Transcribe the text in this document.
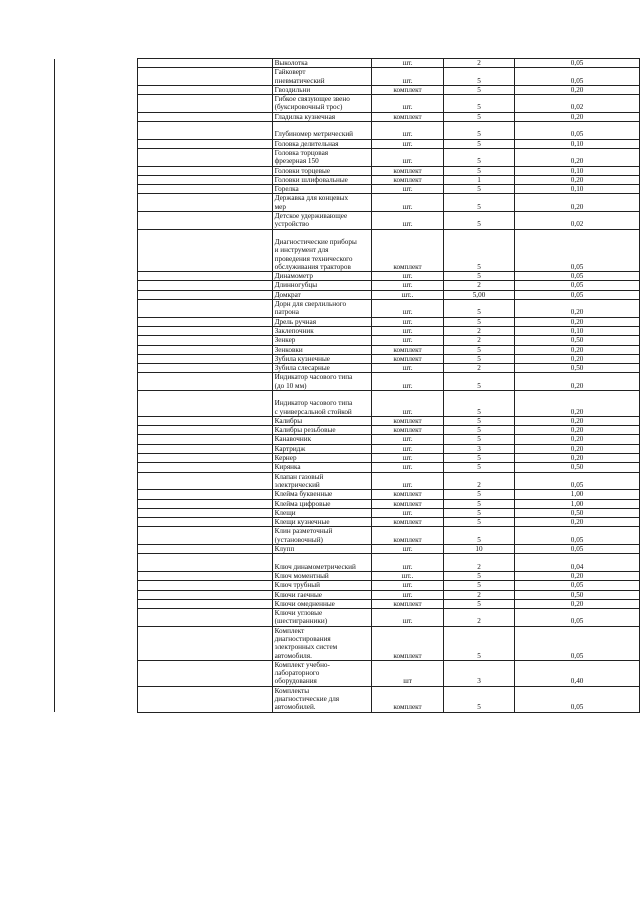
		Выколотка	шт.	2	0,05
		Гайковерт
пневматический	шт.	5	0,05
		Гвоздильни	комплект	5	0,20
		Гибкое связующее звено
(буксировочный трос)	шт.	5	0,02
		Гладилка кузнечная	комплект	5	0,20

Глубиномер метрический	шт.	5	0,05
		Головка делительная	шт.	5	0,10
		Головка торцовая
фрезерная 150	шт.	5	0,20
		Головки торцевые	комплект	5	0,10
		Головки шлифовальные	комплект	1	0,20
		Горелка	шт.	5	0,10
		Державка для концевых
мер	шт.	5	0,20
		Детское удерживающее
устройство	шт.	5	0,02

Диагностические приборы
и инструмент для
проведения технического
обслуживания тракторов	комплект	5	0,05
		Динамометр	шт.	5	0,05
		Длинногубцы	шт.	2	0,05
		Домкрат	шт..	5,00	0,05
		Дорн для сверлильного
патрона	шт.	5	0,20
		Дрель ручная	шт.	5	0,20
		Заклепочник	шт.	2	0,10
		Зенкер	шт.	2	0,50
		Зенковки	комплект	5	0,20
		Зубила кузнечные	комплект	5	0,20
		Зубила слесарные	шт.	2	0,50
		Индикатор часового типа
(до 10 мм)	шт.	5	0,20

Индикатор часового типа
с универсальной стойкой	шт.	5	0,20
		Калибры	комплект	5	0,20
		Калибры резьбовые	комплект	5	0,20
		Канавочник	шт.	5	0,20
		Картридж	шт.	3	0,20
		Кернер	шт.	5	0,20
		Кирянка	шт.	5	0,50
		Клапан газовый
электрический	шт.	2	0,05
		Клейма буквенные	комплект	5	1,00
		Клейма цифровые	комплект	5	1,00
		Клещи	шт.	5	0,50
		Клещи кузнечные	комплект	5	0,20
		Клин разметочный
(установочный)	комплект	5	0,05
		Клупп	шт.	10	0,05

Ключ динамометрический	шт.	2	0,04
		Ключ моментный	шт..	5	0,20
		Ключ трубный	шт.	5	0,05
		Ключи гаечные	шт.	2	0,50
		Ключи омедненные	комплект	5	0,20
		Ключи угловые
(шестигранники)	шт.	2	0,05
		Комплект
диагностирования
электронных систем
автомобиля.	комплект	5	0,05
		Комплект учебно-
лабораторного
оборудования	шт	3	0,40
		Комплекты
диагностические для
автомобилей.	комплект	5	0,05
